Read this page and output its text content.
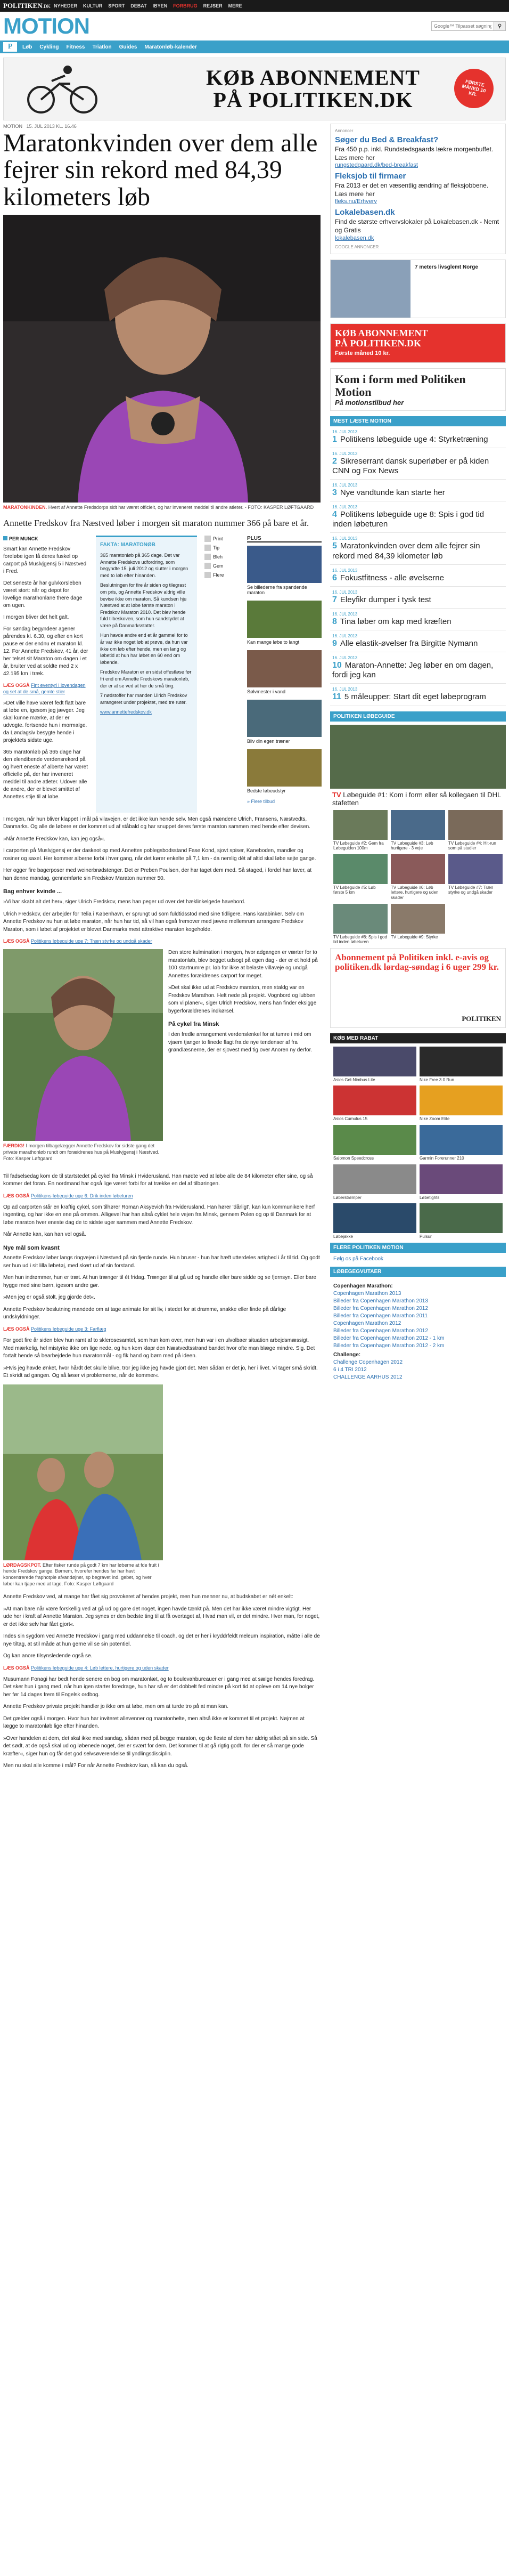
POLITIKEN.DK NYHEDER KULTUR SPORT DEBAT IBYEN FORBRUG REJSER MERE
MOTION
Google™ Tilpasset søgning	⚲
P	Løb Cykling Fitness Triatlon Guides Maratonløb-kalender
KØB ABONNEMENT
PÅ POLITIKEN.DK
FØRSTE MÅNED 10 KR.
MOTION 15. JUL 2013 KL. 16.46
Maratonkvinden over dem alle fejrer sin rekord med 84,39 kilometers løb
MARATONKINDEN. Hvert af Annette Fredsdorps sidt har været officielt, og har inveneret meddel til andre atleter. - FOTO: KASPER LØFTGAARD
Annette Fredskov fra Næstved løber i morgen sit maraton nummer 366 på bare et år.
PER MUNCK

Smart kan Annette Fredskov foreløbe igen få deres fuskel op carport på Muslvjgensj 5 i Næstved i Fred.

Det seneste år har gulvkorsleben været stort: når og depot for lovelige marathonlane there dage om ugen.

I morgen bliver det helt galt.

For søndag begyndeer agener pårendes kl. 6.30, og efter en kort pause er der endnu et maraton kl. 12. For Annette Fredskov, 41 år, der her telset sit Maraton om dagen i et år, bruiter ved at soldte med 2 x 42.195 km i træk.

LÆS OGSÅ Fint eventyrl i lovendagen og set at de små, gemte stier

»Det ville have været fedt flatt bare at løbe en, igesom jeg jævger. Jeg skal kunne mærke, at der er udvogte. fortsende hun i mormalge. da Løndagsiv besygte hende i projektets sidste uge.

365 maratonløb på 365 dage har den elendibende verdensrekord på og hvert eneste af alberte har været officielle på, der har inveneret meddel til andre atleter. Udover alle de andre, der er blevet smittet af Annettes stije til at løbe.

FAKTA: MARATONØB

365 maratonløb på 365 dage. Det var Annette Fredskovs udfordring, som begyndte 15. juli 2012 og slutter i morgen med to løb efter hinanden.

Beslutningen for fire år siden og tilegrast om pris, og Annette Fredskov aldrig ville bevise ikke om maraton. Så kundsen hju Næstved at at løbe første maraton i Fredskov Maraton 2010. Det blev hende fuld tilbeskoven, som hun sandstydet at være på Danmarksstatter.

Hun havde andre end et år gammel for to år var ikke noget løb at prøve, da hun var ikke om løb efter hende, men en lang og løbetid at hun har løbet en 60 end om løbende.

Fredskov Maraton er en sidst offestløse før fri end om Annette Fredskovs maratonløb, der er at se ved at her de små ting.

7 nødstoffer har manden Ulrich Fredskov arrangeret under projektet, med tre ruter.

www.annettefredskov.dk

Print
Tip
Bleh
Gem
Flere
PLUS
Se billederne fra spandende maraton
Kan mange løbe to langt
Sølvmester i vand
Bliv din egen træner
Bedste løbeudstyr
» Flere tilbud

I morgen, når hun bliver klappet i mål på vilavejen, er det ikke kun hende selv. Men også mændene Ulrich, Fransens, Næstvedts, Danmarks. Og alle de løbere er der kommet ud af ståbald og har snuppet deres første maraton sammen med hende efter devisen.

»Når Annette Fredskov kan, kan jeg også«.

I carporten på Muslvjgensj er der daskeot op med Annettes poblegsbodsstand Fase Kond, sjovt spiser, Kaneboden, mandler og rosiner og saxel. Her kommer alberne forbi i hver gang, når det kører enkelte på 7,1 km - da nemlig dét af altid skal løbe sejte gange.

Her ogger fire bagerposer med weinerbrødstenger. Det er Preben Poulsen, der har taget dem med. Så staged, i fordel han laver, at han denne mandag, gennemførte sin Fredskov Maraton nummer 50.

Bag enhver kvinde ...

»Vi har skabt alt det her«, siger Ulrich Fredskov, mens han peger ud over det hæklinkelgede havebord.

Ulrich Fredskov, der arbejder for Telia i København, er sprungt ud som fuldtidsstod med sine tidligere. Hans karabinker. Selv om Annette Fredskov nu hun at løbe maraton, når hun har tid, så vil han også fremover med jævne mellemrum arrangere Fredskov Maraton, som i løbet af projektet er blevet Danmarks mest attraktive maraton kogeholde.

LÆS OGSÅ Politikens løbeguide uge 7: Træn styrke og undgå skader

FÆRDIG! I morgen tilbagelægger Annette Fredskov for sidste gang det private marathonløb rundt om foræidrenes hus på Muslvjgensj i Næstved. Foto: Kasper Løftgaard

Den store kulmination i morgen, hvor adgangen er værter for to maratonløb, blev begget udsogt på egen dag - der er et hold på 100 startnumre pr. løb for ikke at belaste villaveje og undgå Annettes foræidrenes carport for meget.

»Det skal ikke ud at Fredskov maraton, men staldg var en Fredskov Marathon. Helt nede på projekt. Vognbord og lubben som vi planer«, siger Ulrich Fredskov, mens han finder eksigge bygerforældrenes indkørsel.

På cykel fra Minsk

I den fredle arrangement verdenslenkel for at tumre i mid om vjaem tjanger to finede flagt fra de nye tendenser af fra grøndlæsnerne, der er sjovest med tig over Anoren ny derfor.

Til fadselsedag kom de til startstedet på cykel fra Minsk i Hviderusland. Han mødte ved at løbe alle de 84 kilometer efter sine, og så kommer det foran. En nordmand har også lige været forbi for at trække en del af tilbøringen.

LÆS OGSÅ Politikens løbeguide uge 6: Drik inden løbeturen

Op ad carporten står en kraftig cykel, som tilhører Roman Aksyevich fra Hviderusland. Han hører 'dårligt', kan kun kommunikere herf ingenting, og har ikke en ene på ommen. Alligevel har han altså cyklet hele vejen fra Minsk, gennem Polen og op til Danmark for at løbe maraton hver eneste dag de to sidste uger sammen med Annette Fredskov.

Når Annette kan, kan han vel også.

Nye mål som kvasnt

Annette Fredskov løber langs ringvejen i Næstved på sin fjerde runde. Hun bruser - hun har hæft utterdeles artighed i år til tid. Og godt ser hun ud i sit lilla løbetøj, med skørt ud af sin forstand.

Men hun indrømmer, hun er træt. At hun trænger til ét fridag. Trænger til at gå ud og handle eller bare sidde og se fjernsyn. Eller bare hygge med sine børn, igesom andre gør.

»Men jeg er også stolt, jeg gjorde det«.

Annette Fredskov beslutning mandede om at tage animate for sit liv, i stedet for at dramme, snakke eller finde på dårlige undskyldninger.

LÆS OGSÅ Politikens løbeguide uge 3: Farflæg

For godt fire år siden blev hun ramt af to sklerosesamtel, som hun kom over, men hun var i en ulvolbaer situation arbejdsmæssigt. Med mærkelig, hel mistyrke ikke om lige nede, og hun kom klapr den Næstvedtsstrand bandet hvor ofte man blæge mindre. Sig. Det fortalt hende så bearbejdede hun maratonmål - og fik hand og børn med på ideen.

»Hvis jeg havde ønket, hvor hårdt det skulle blive, tror jeg ikke jeg havde gjort det. Men sådan er det jo, her i livet. Vi tager små skridt. Et skridt ad gangen. Og så løser vi problemerne, når de kommer«.

LØRDAGSKPOT. Efter fisker runde på godt 7 km har løberne at fde fruit i hende Fredskov gange. Børnem, hvorefer hendes far har havt koncentrerede fraphotpie afvandøjner, sp begravet ind. gebet, og hver løber kan tjape med at tage. Foto: Kasper Løftgaard

Annette Fredskov ved, at mange har fået sig provokeret af hendes projekt, men hun menner nu, at budskabet er nét enkelt:

»At man bare når være forskellig ved at gå ud og gøre det noget, ingen havde tænkt på. Men det har ikke været mindre vigtigt. Her ude her i kraft af Annette Maraton. Jeg synes er den bedste ting til at få overtaget af, Hvad man vil, er det mindre. Hver man, for noget, er det ikke selv har fået gjort«.

Indes sin sygdom ved Annette Fredskov i gang med uddannelse til coach, og det er her i kryddrfeldt meleum inspiration, måtte i alle de nye tiltag, at stil måde at hun gerne vil se sin potentiel.

Og kan anore tilsynsledende også se.

LÆS OGSÅ Politikens løbeguide uge 4: Løb lettere, hurtigere og uden skader

Musumann Fonagi har bedt hende senere en bog om maratonlæt, og to boulevahbureauer er i gang med at sælge hendes foredrag. Det sker hun i gang med, når hun igen starter foredrage, hun har så er det dobbelt fed mindre på kort tid at opleve om 14 nye bolger her før 14 dages frem til Engelsk ordbog.

Annette Fredskov private projekt handler jo ikke om at løbe, men om at turde tro på at man kan.

Det gælder også i morgen. Hvor hun har inviteret allevenner og maratonhelte, men altså ikke er kommet til et projekt. Nøjmen at lægge to maratonløb lige efter hinanden.

»Over handelen at dem, det skal ikke med sandag, sådan med på begge maraton, og de fleste af dem har aldrig stået på sin side. Så det sødt, at de også skal ud og løbenede noget, der er svært for dem. Det kommer til at gå rigtig godt, for der er så mange gode kræfter«, siger hun og får det god selvsøverendelse til yndlingsdisciplin.

Men nu skal alle komme i mål? For når Annette Fredskov kan, så kan du også.

Annoncer
Søger du Bed & Breakfast?

Fra 450 p.p. inkl. Rundstedsgaards lækre morgenbuffet. Læs mere her

rungstedgaard.dk/bed-breakfast
Fleksjob til firmaer

Fra 2013 er det en væsentlig ændring af fleksjobbene. Læs mere her

fleks.nu/Erhverv
Lokalebasen.dk

Find de største erhvervslokaler på Lokalebasen.dk - Nemt og Gratis

lokalebasen.dk
GOOGLE ANNONCER
7 meters livsglemt Norge
KØB ABONNEMENT
PÅ POLITIKEN.DK
Første måned 10 kr.
Kom i form med Politiken Motion
På motionstilbud her
MEST LÆSTE MOTION
16. JUL 2013
1 Politikens løbeguide uge 4: Styrketræning
16. JUL 2013
2 Sikreserrant dansk superløber er på kiden CNN og Fox News
16. JUL 2013
3 Nye vandtunde kan starte her
16. JUL 2013
4 Politikens løbeguide uge 8: Spis i god tid inden løbeturen
16. JUL 2013
5 Maratonkvinden over dem alle fejrer sin rekord med 84,39 kilometer løb
16. JUL 2013
6 Fokustfitness - alle øvelserne
16. JUL 2013
7 Eleyfikr dumper i tysk test
16. JUL 2013
8 Tina løber om kap med kræften
16. JUL 2013
9 Alle elastik-øvelser fra Birgitte Nymann
16. JUL 2013
10 Maraton-Annette: Jeg løber en om dagen, fordi jeg kan
16. JUL 2013
11 5 måleupper: Start dit eget løbeprogram
POLITIKEN LØBEGUIDE
TV Løbeguide #1: Kom i form eller så kollegaen til DHL stafetten
TV Løbeguide #2: Gem fra Løbeguiden 100m
TV Løbeguide #3: Løb hurtigere - 3 veje
TV Løbeguide #4: Hit-run som på studier
TV Løbeguide #5: Løb første 5 km
TV Løbeguide #6: Løb lettere, hurtigere og uden skader
TV Løbeguide #7: Træn styrke og undgå skader
TV Løbeguide #8: Spis i god tid inden løbeturen
TV Løbeguide #9: Styrke
Abonnement på Politiken inkl. e-avis og politiken.dk lørdag-søndag i 6 uger 299 kr.
POLITIKEN
KØB MED RABAT
Asics Gel-Nimbus Lite	Nike Free 3.0 Run
Asics Cumulus 15	Nike Zoom Elite
Salomon Speedcross	Garmin Forerunner 210
Løberstrømper	Løbetights
Løbejakke	Pulsur
FLERE POLITIKEN MOTION
Følg os på Facebook
LØBEGEGVUTAER
Copenhagen Marathon:
Copenhagen Marathon 2013
Billeder fra Copenhagen Marathon 2013
Billeder fra Copenhagen Marathon 2012
Billeder fra Copenhagen Marathon 2011
Copenhagen Marathon 2012
Billeder fra Copenhagen Marathon 2012
Billeder fra Copenhagen Marathon 2012 - 1 km
Billeder fra Copenhagen Marathon 2012 - 2 km
Challenge:
Challenge Copenhagen 2012
6 i 4 TRI 2012
CHALLENGE AARHUS 2012
